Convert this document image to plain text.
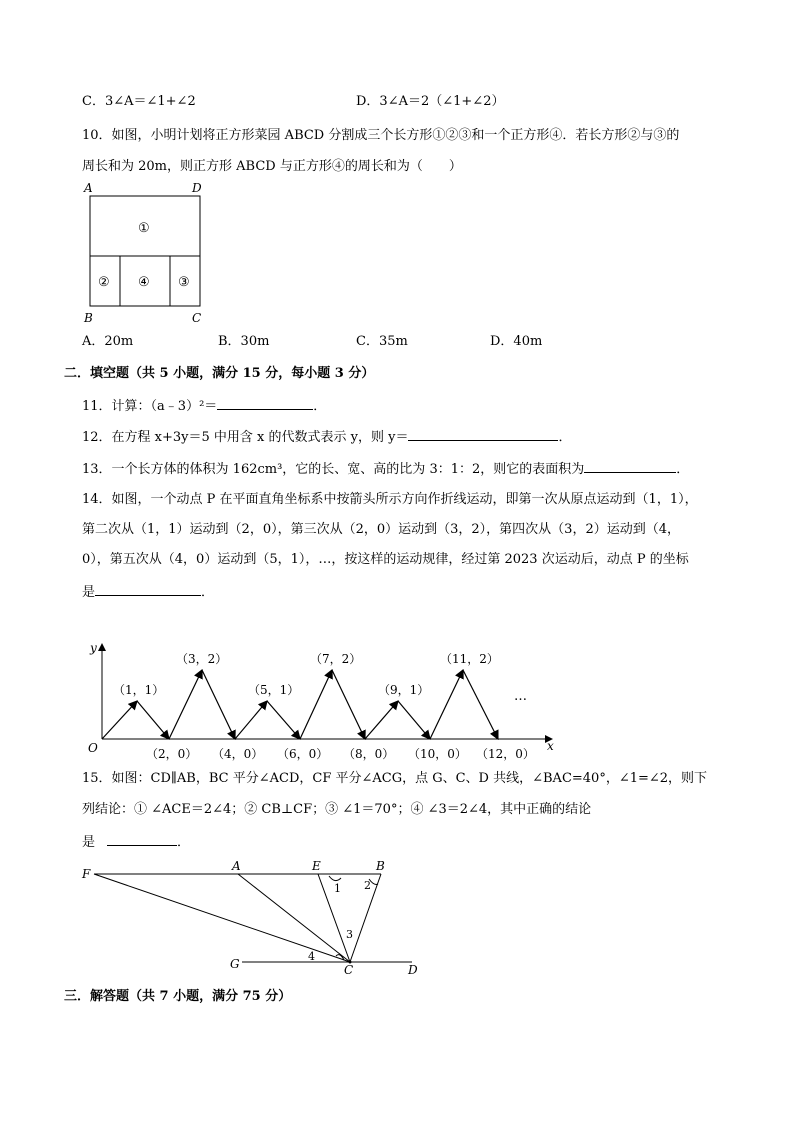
C．3∠A＝∠1+∠2	D．3∠A＝2（∠1+∠2）
10．如图，小明计划将正方形菜园 ABCD 分割成三个长方形①②③和一个正方形④．若长方形②与③的
周长和为 20m，则正方形 ABCD 与正方形④的周长和为（　　）
A	D
B	C
①
② ④ ③
A．20m	B．30m	C．35m	D．40m
二．填空题（共 5 小题，满分 15 分，每小题 3 分）
11．计算：（a﹣3）²＝	．
12．在方程 x+3y＝5 中用含 x 的代数式表示 y，则 y＝	．
13．一个长方体的体积为 162cm³，它的长、宽、高的比为 3：1：2，则它的表面积为	．
14．如图，一个动点 P 在平面直角坐标系中按箭头所示方向作折线运动，即第一次从原点运动到（1，1），
第二次从（1，1）运动到（2，0），第三次从（2，0）运动到（3，2），第四次从（3，2）运动到（4，
0），第五次从（4，0）运动到（5，1），…，按这样的运动规律，经过第 2023 次运动后，动点 P 的坐标
是	．
y
x
O
…
（1，1）
（3，2）
（5，1）
（7，2）
（9，1）
（11，2）
（2，0） （4，0） （6，0） （8，0） （10，0） （12，0）
15．如图：CD∥AB，BC 平分∠ACD，CF 平分∠ACG，点 G、C、D 共线，∠BAC=40°，∠1=∠2，则下
列结论：① ∠ACE＝2∠4；② CB⊥CF；③ ∠1＝70°；④ ∠3＝2∠4，其中正确的结论
是	．
F
A	E	B
G	C	D
1 2
3
4
三．解答题（共 7 小题，满分 75 分）
